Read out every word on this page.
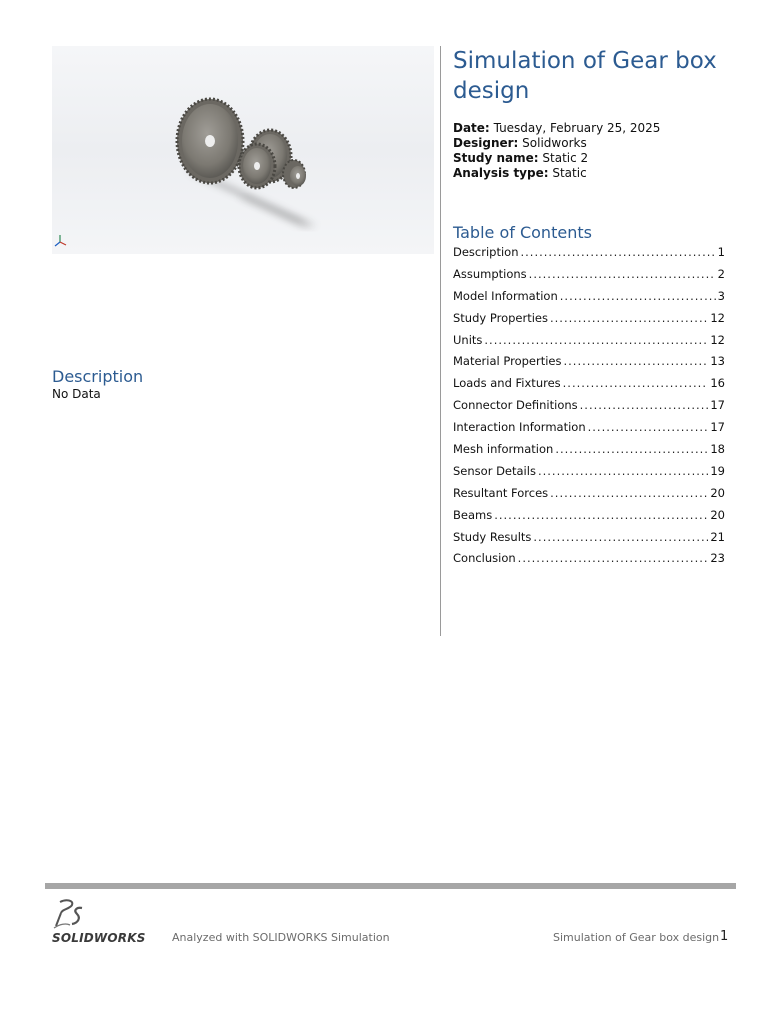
Simulation of Gear box design
Date: Tuesday, February 25, 2025
Designer: Solidworks
Study name: Static 2
Analysis type: Static
Table of Contents
Description .....	1
Assumptions .....	2
Model Information .....	3
Study Properties .....	12
Units .....	12
Material Properties .....	13
Loads and Fixtures .....	16
Connector Definitions .....	17
Interaction Information .....	17
Mesh information .....	18
Sensor Details .....	19
Resultant Forces .....	20
Beams .....	20
Study Results .....	21
Conclusion .....	23
Description
No Data
SOLIDWORKS Analyzed with SOLIDWORKS Simulation	Simulation of Gear box design 1
